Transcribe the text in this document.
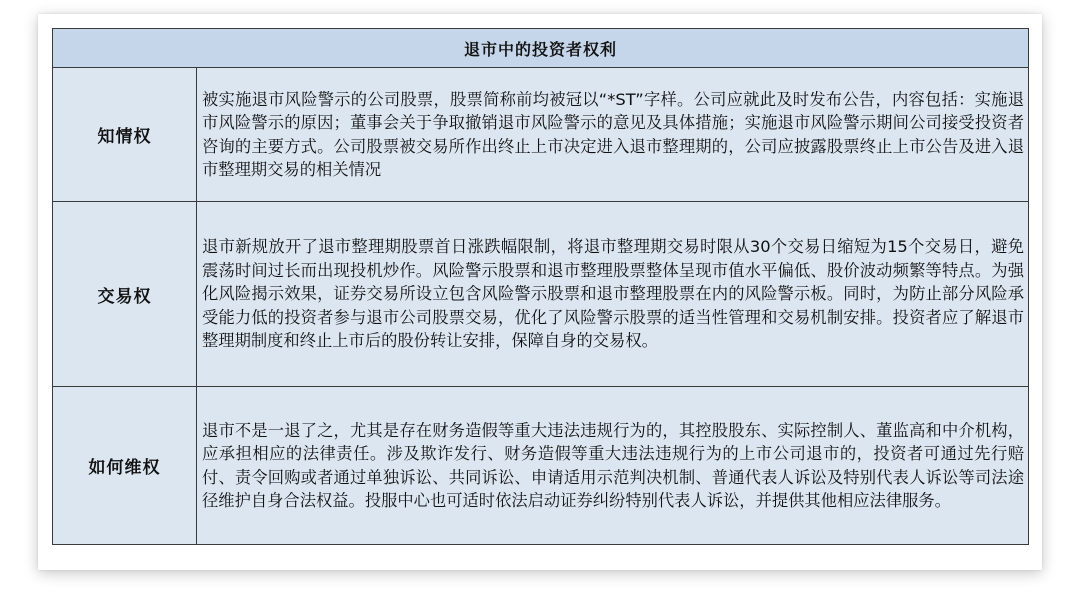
退市中的投资者权利	
知情权	被实施退市风险警示的公司股票，股票简称前均被冠以“*ST”字样。公司应就此及时发布公告，内容包括：实施退市风险警示的原因；董事会关于争取撤销退市风险警示的意见及具体措施；实施退市风险警示期间公司接受投资者咨询的主要方式。公司股票被交易所作出终止上市决定进入退市整理期的，公司应披露股票终止上市公告及进入退市整理期交易的相关情况
交易权	退市新规放开了退市整理期股票首日涨跌幅限制，将退市整理期交易时限从30个交易日缩短为15个交易日，避免震荡时间过长而出现投机炒作。风险警示股票和退市整理股票整体呈现市值水平偏低、股价波动频繁等特点。为强化风险揭示效果，证券交易所设立包含风险警示股票和退市整理股票在内的风险警示板。同时，为防止部分风险承受能力低的投资者参与退市公司股票交易，优化了风险警示股票的适当性管理和交易机制安排。投资者应了解退市整理期制度和终止上市后的股份转让安排，保障自身的交易权。
如何维权	退市不是一退了之，尤其是存在财务造假等重大违法违规行为的，其控股股东、实际控制人、董监高和中介机构，应承担相应的法律责任。涉及欺诈发行、财务造假等重大违法违规行为的上市公司退市的，投资者可通过先行赔付、责令回购或者通过单独诉讼、共同诉讼、申请适用示范判决机制、普通代表人诉讼及特别代表人诉讼等司法途径维护自身合法权益。投服中心也可适时依法启动证券纠纷特别代表人诉讼，并提供其他相应法律服务。
